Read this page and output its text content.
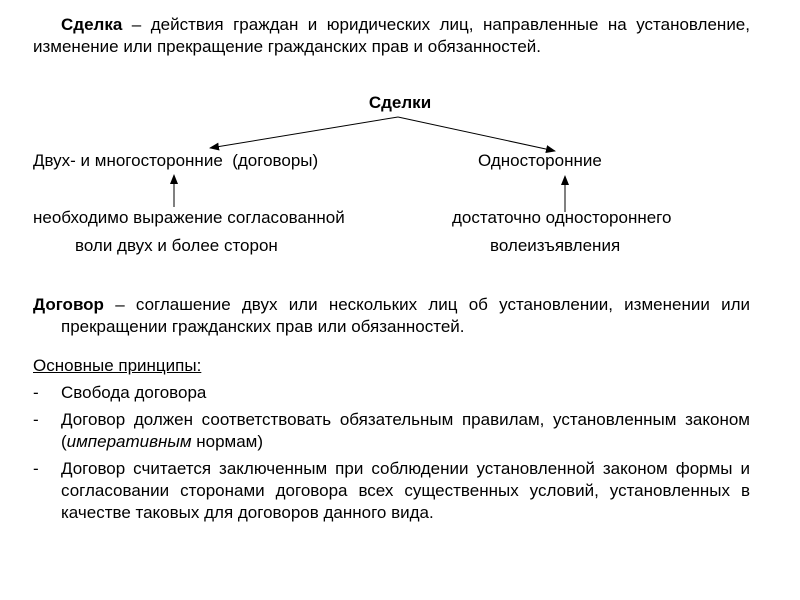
Сделка – действия граждан и юридических лиц, направленные на установление, изменение или прекращение гражданских прав и обязанностей.
Сделки
Двух- и многосторонние  (договоры)	Односторонние
необходимо выражение согласованной
воли двух и более сторон
достаточно одностороннего
волеизъявления
Договор – соглашение двух или нескольких лиц об установлении, изменении или прекращении гражданских прав или обязанностей.
Основные принципы:
- Свобода договора
- Договор должен соответствовать обязательным правилам, установленным законом (императивным нормам)
- Договор считается заключенным при соблюдении установленной законом формы и согласовании сторонами договора всех существенных условий, установленных в качестве таковых для договоров данного вида.
